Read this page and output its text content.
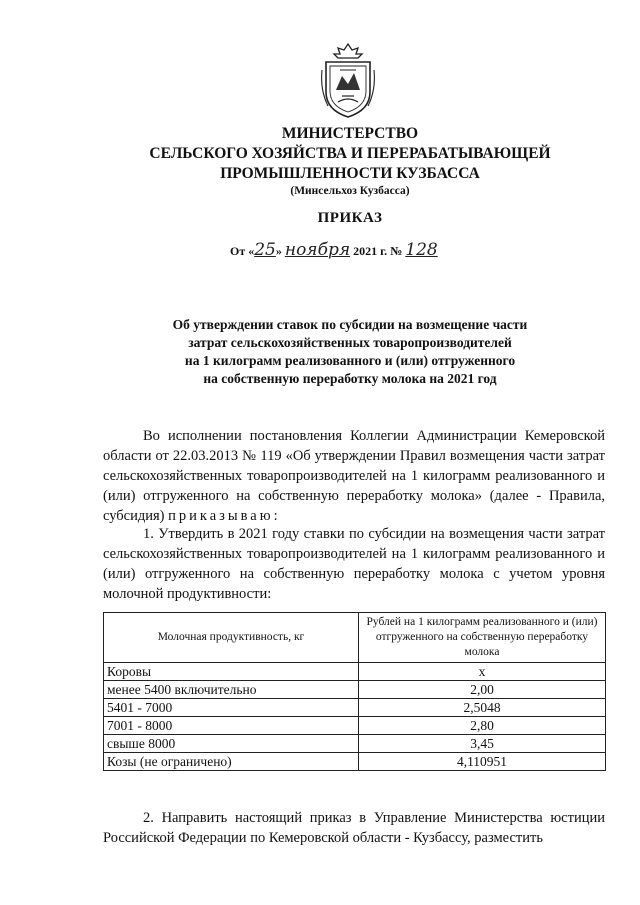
МИНИСТЕРСТВО
СЕЛЬСКОГО ХОЗЯЙСТВА И ПЕРЕРАБАТЫВАЮЩЕЙ
ПРОМЫШЛЕННОСТИ КУЗБАССА
(Минсельхоз Кузбасса)
ПРИКАЗ
От «25» ноября 2021 г. № 128
Об утверждении ставок по субсидии на возмещение части
затрат сельскохозяйственных товаропроизводителей
на 1 килограмм реализованного и (или) отгруженного
на собственную переработку молока на 2021 год
Во исполнении постановления Коллегии Администрации Кемеровской области от 22.03.2013 № 119 «Об утверждении Правил возмещения части затрат сельскохозяйственных товаропроизводителей на 1 килограмм реализованного и (или) отгруженного на собственную переработку молока» (далее - Правила, субсидия) приказываю:
1. Утвердить в 2021 году ставки по субсидии на возмещения части затрат сельскохозяйственных товаропроизводителей на 1 килограмм реализованного и (или) отгруженного на собственную переработку молока с учетом уровня молочной продуктивности:
Молочная продуктивность, кг	Рублей на 1 килограмм реализованного и (или) отгруженного на собственную переработку молока
Коровы	x
менее 5400 включительно	2,00
5401 - 7000	2,5048
7001 - 8000	2,80
свыше 8000	3,45
Козы (не ограничено)	4,110951
2. Направить настоящий приказ в Управление Министерства юстиции Российской Федерации по Кемеровской области - Кузбассу, разместить
